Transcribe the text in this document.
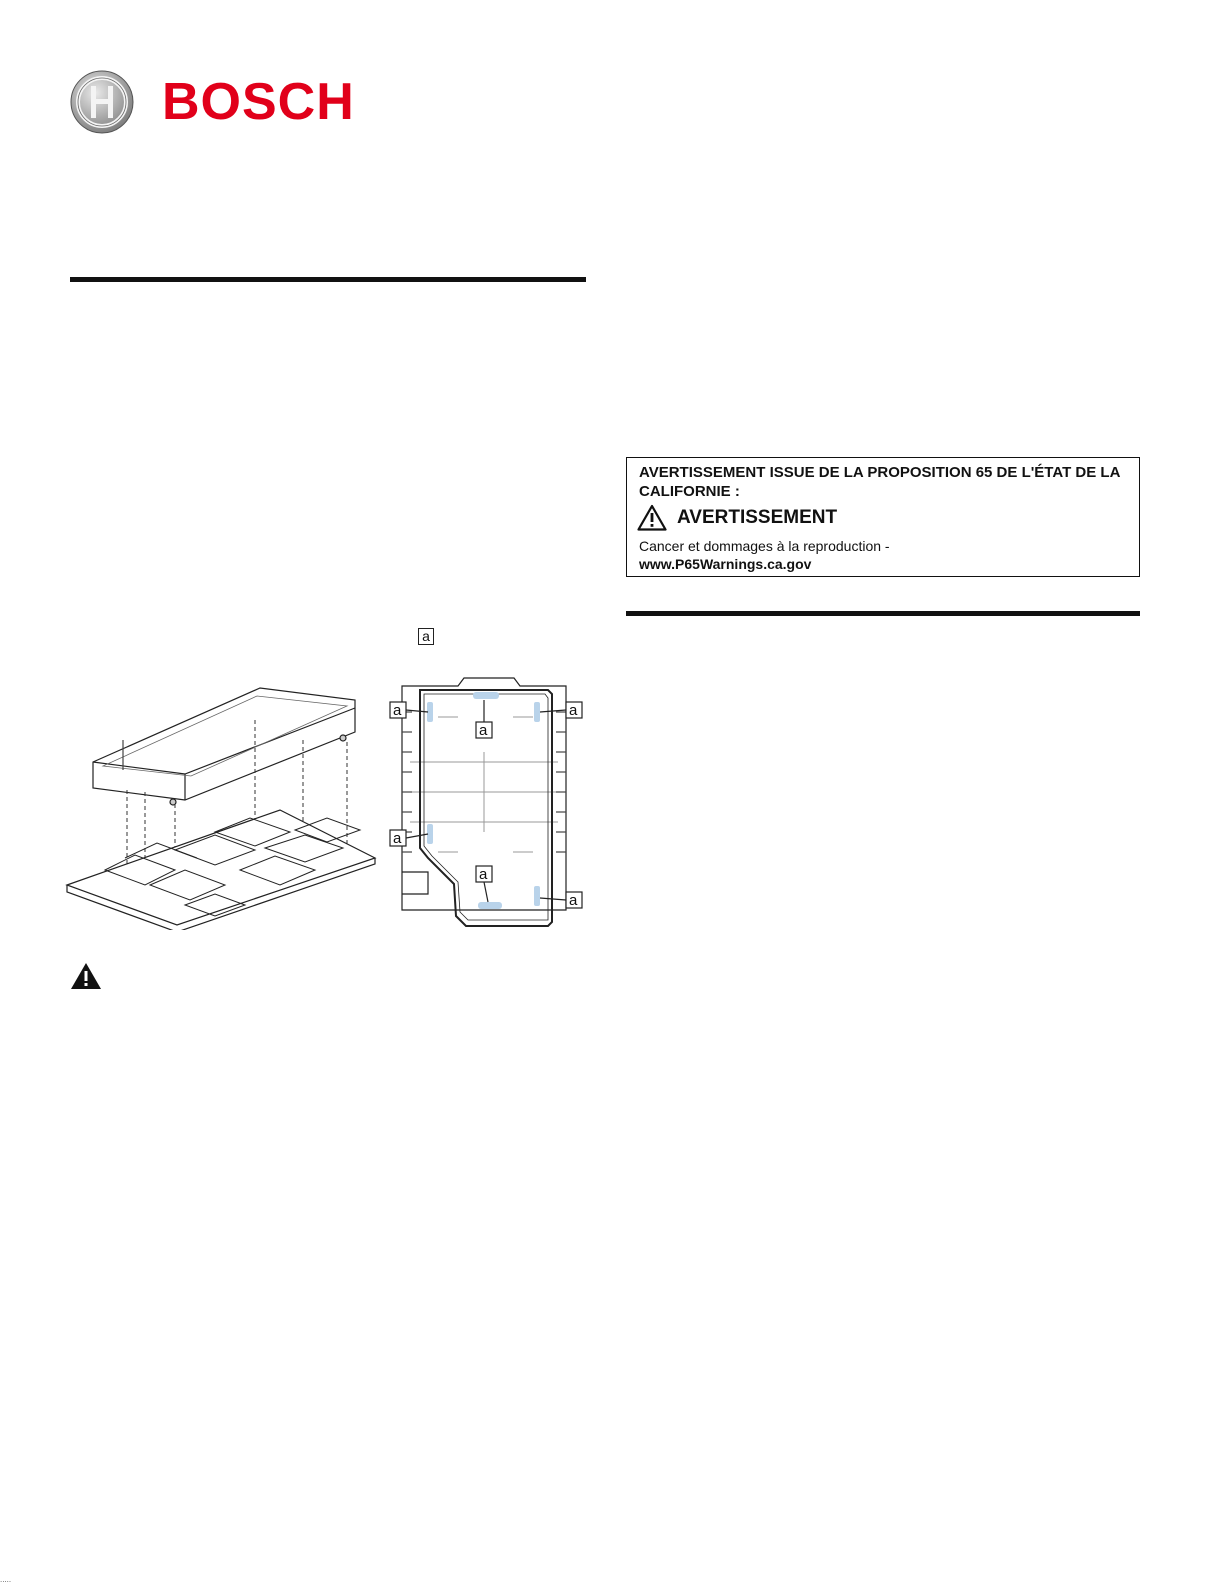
BOSCH
a
a	a
a
a
a
a
AVERTISSEMENT ISSUE DE LA PROPOSITION 65 DE L'ÉTAT DE LA CALIFORNIE :
AVERTISSEMENT
Cancer et dommages à la reproduction -
www.P65Warnings.ca.gov
.....
